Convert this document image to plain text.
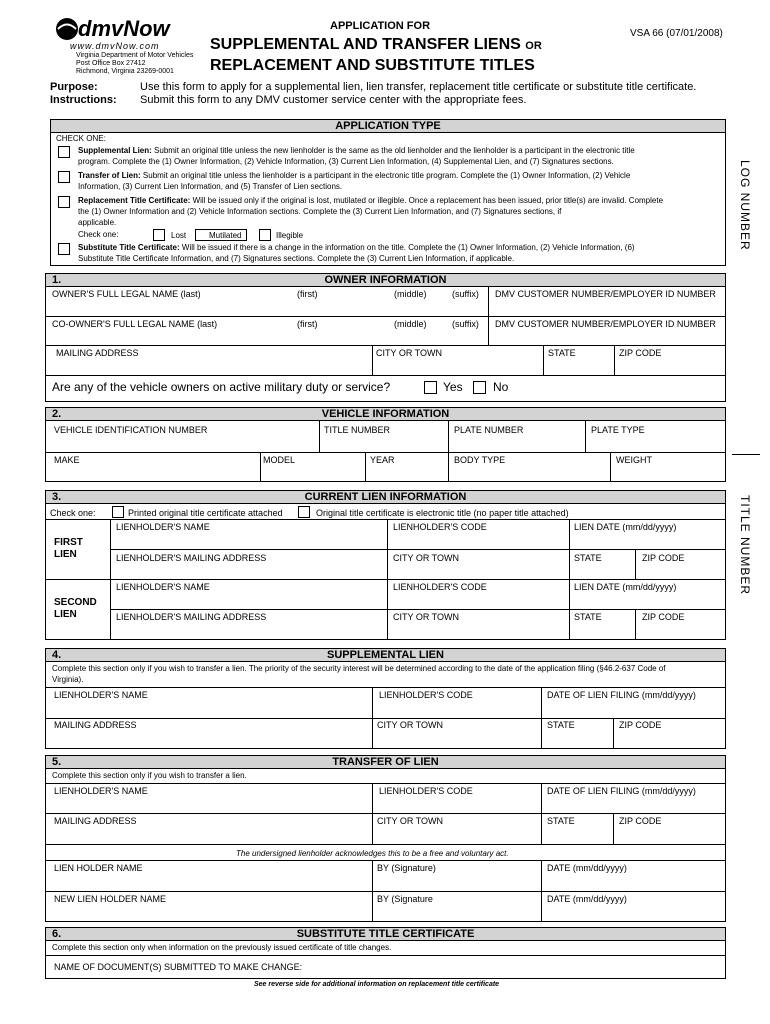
dmvNow
www.dmvNow.com
Virginia Department of Motor Vehicles
Post Office Box 27412
Richmond, Virginia 23269-0001
APPLICATION FOR
VSA 66 (07/01/2008)
SUPPLEMENTAL AND TRANSFER LIENS OR
REPLACEMENT AND SUBSTITUTE TITLES
Purpose:	Use this form to apply for a supplemental lien, lien transfer, replacement title certificate or substitute title certificate.
Instructions: Submit this form to any DMV customer service center with the appropriate fees.
LOG NUMBER
TITLE NUMBER
APPLICATION TYPE
CHECK ONE:
Supplemental Lien: Submit an original title unless the new lienholder is the same as the old lienholder and the lienholder is a participant in the electronic title
program. Complete the (1) Owner Information, (2) Vehicle Information, (3) Current Lien Information, (4) Supplemental Lien, and (7) Signatures sections.
Transfer of Lien: Submit an original title unless the lienholder is a participant in the electronic title program. Complete the (1) Owner Information, (2) Vehicle
Information, (3) Current Lien Information, and (5) Transfer of Lien sections.
Replacement Title Certificate: Will be issued only if the original is lost, mutilated or illegible. Once a replacement has been issued, prior title(s) are invalid. Complete
the (1) Owner Information and (2) Vehicle Information sections. Complete the (3) Current Lien Information, and (7) Signatures sections, if
applicable.
Check one:	Lost	Mutilated	Illegible
Substitute Title Certificate: Will be issued if there is a change in the information on the title. Complete the (1) Owner Information, (2) Vehicle Information, (6)
Substitute Title Certificate Information, and (7) Signatures sections. Complete the (3) Current Lien Information, if applicable.
1.	OWNER INFORMATION
OWNER'S FULL LEGAL NAME (last)	(first)	(middle)	(suffix) DMV CUSTOMER NUMBER/EMPLOYER ID NUMBER
CO-OWNER'S FULL LEGAL NAME (last)	(first)	(middle)	(suffix) DMV CUSTOMER NUMBER/EMPLOYER ID NUMBER
MAILING ADDRESS	CITY OR TOWN	STATE	ZIP CODE
Are any of the vehicle owners on active military duty or service?	Yes	No
2.	VEHICLE INFORMATION
VEHICLE IDENTIFICATION NUMBER	TITLE NUMBER	PLATE NUMBER	PLATE TYPE
MAKE	MODEL	YEAR	BODY TYPE	WEIGHT
3.	CURRENT LIEN INFORMATION
Check one:	Printed original title certificate attached	Original title certificate is electronic title (no paper title attached)
FIRST
LIEN
LIENHOLDER'S NAME	LIENHOLDER'S CODE	LIEN DATE (mm/dd/yyyy)
LIENHOLDER'S MAILING ADDRESS	CITY OR TOWN	STATE	ZIP CODE
SECOND
LIEN
LIENHOLDER'S NAME	LIENHOLDER'S CODE	LIEN DATE (mm/dd/yyyy)
LIENHOLDER'S MAILING ADDRESS	CITY OR TOWN	STATE	ZIP CODE
4.	SUPPLEMENTAL LIEN
Complete this section only if you wish to transfer a lien. The priority of the security interest will be determined according to the date of the application filing (§46.2-637 Code of
Virginia).
LIENHOLDER'S NAME	LIENHOLDER'S CODE	DATE OF LIEN FILING (mm/dd/yyyy)
MAILING ADDRESS	CITY OR TOWN	STATE	ZIP CODE
5.	TRANSFER OF LIEN
Complete this section only if you wish to transfer a lien.
LIENHOLDER'S NAME	LIENHOLDER'S CODE	DATE OF LIEN FILING (mm/dd/yyyy)
MAILING ADDRESS	CITY OR TOWN	STATE	ZIP CODE
The undersigned lienholder acknowledges this to be a free and voluntary act.
LIEN HOLDER NAME	BY (Signature)	DATE (mm/dd/yyyy)
NEW LIEN HOLDER NAME	BY (Signature	DATE (mm/dd/yyyy)
6.	SUBSTITUTE TITLE CERTIFICATE
Complete this section only when information on the previously issued certificate of title changes.
NAME OF DOCUMENT(S) SUBMITTED TO MAKE CHANGE:
See reverse side for additional information on replacement title certificate
